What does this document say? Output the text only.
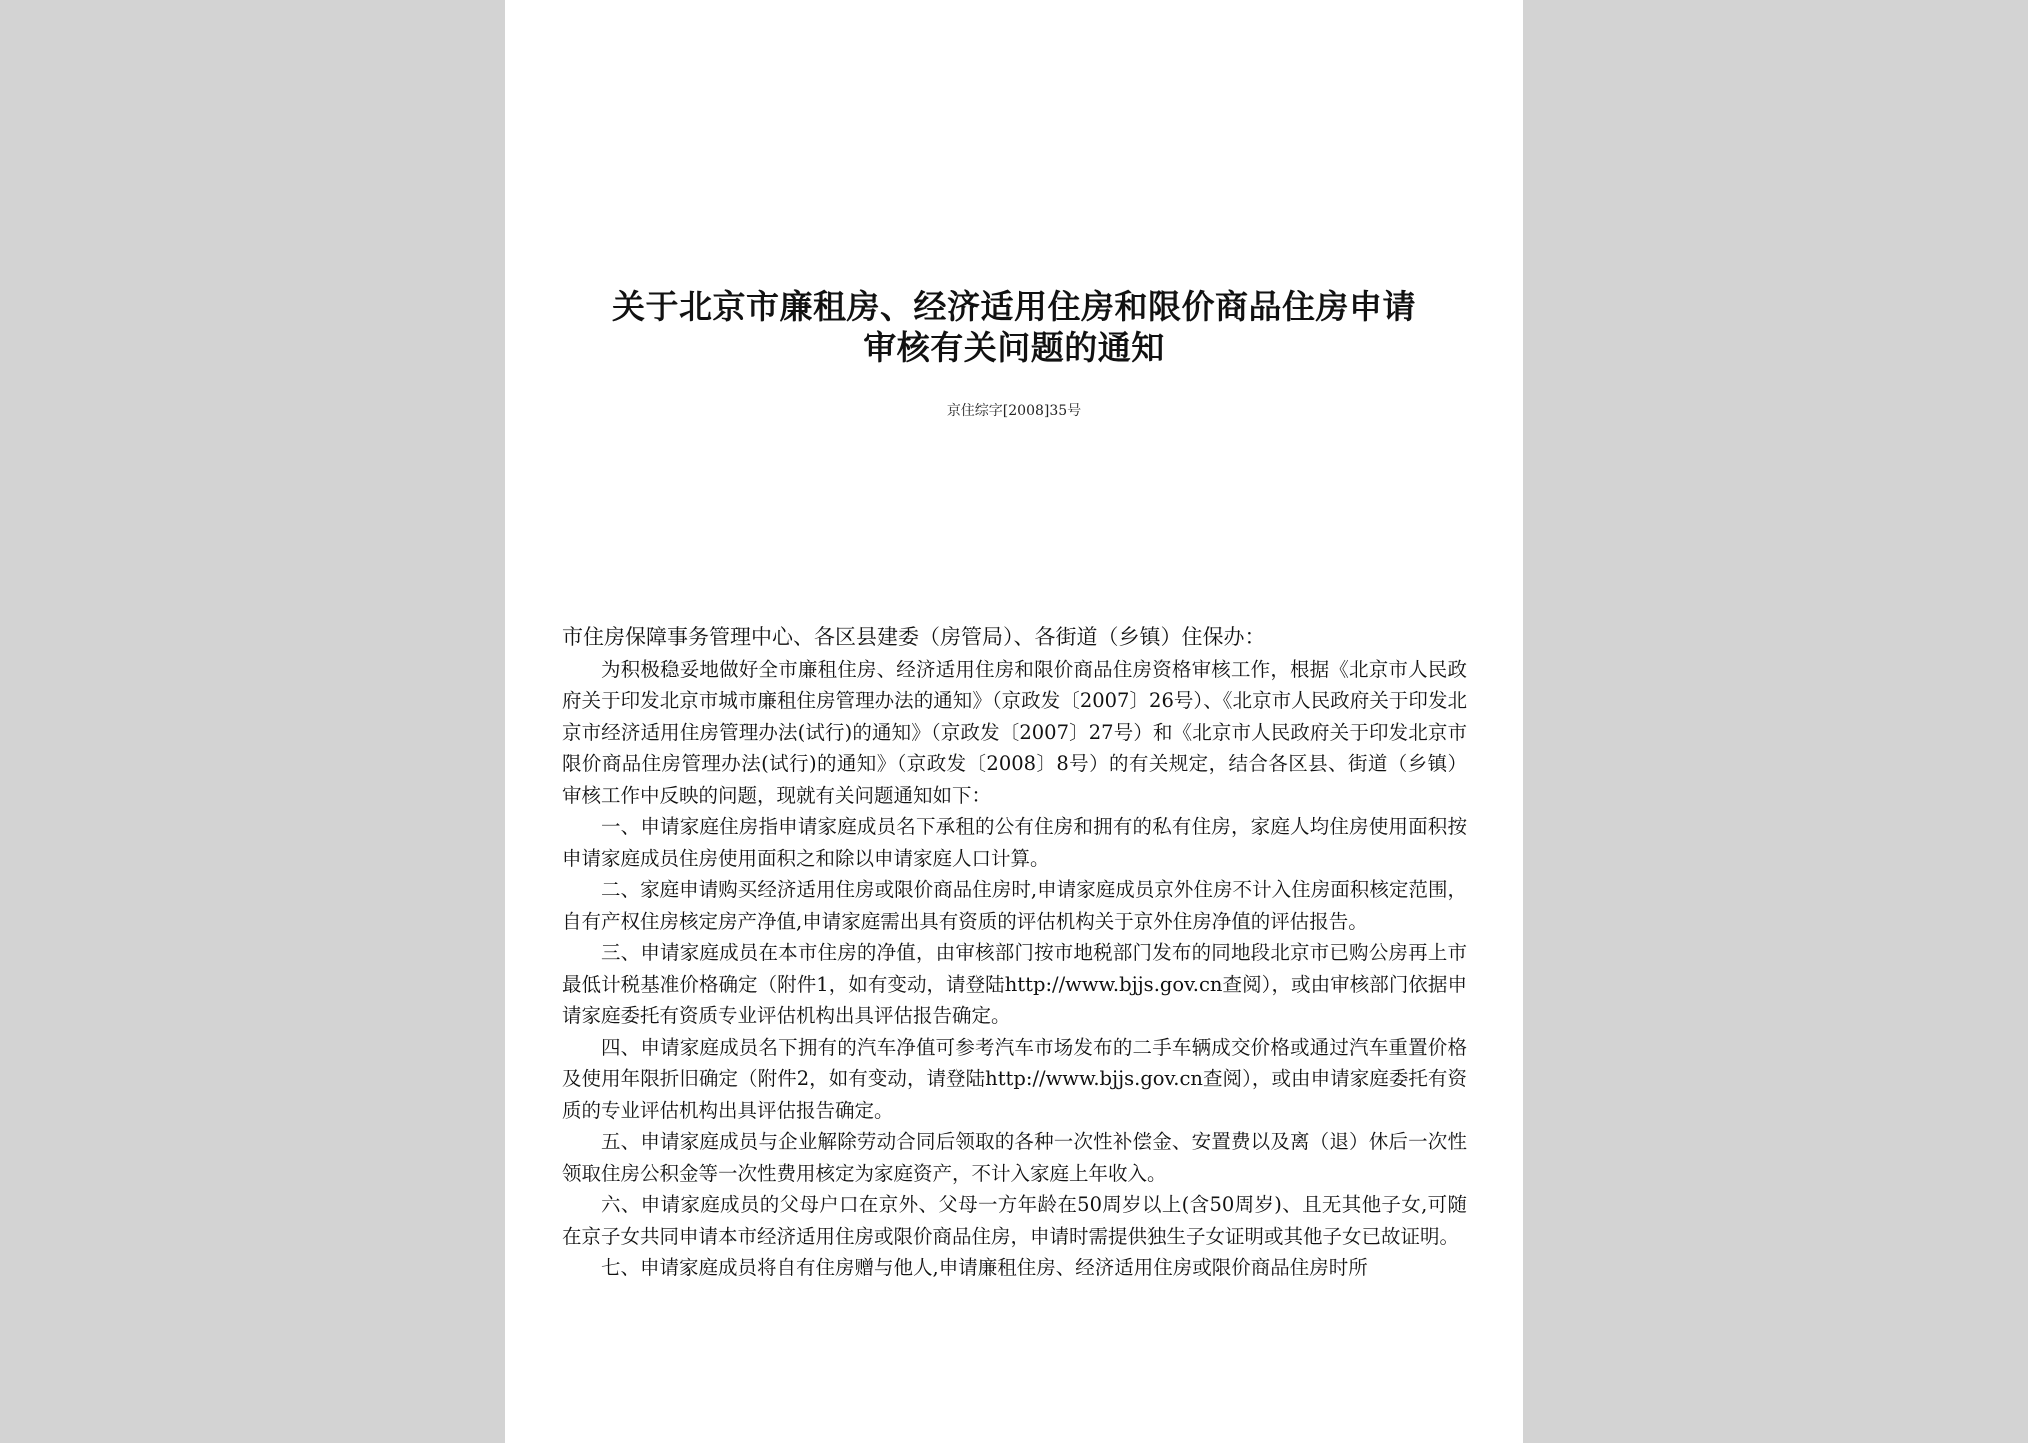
关于北京市廉租房、经济适用住房和限价商品住房申请
审核有关问题的通知
京住综字[2008]35号

市住房保障事务管理中心、各区县建委（房管局）、各街道（乡镇）住保办：

为积极稳妥地做好全市廉租住房、经济适用住房和限价商品住房资格审核工作，根据《北京市人民政府关于印发北京市城市廉租住房管理办法的通知》（京政发〔2007〕26号）、《北京市人民政府关于印发北京市经济适用住房管理办法(试行)的通知》（京政发〔2007〕27号）和《北京市人民政府关于印发北京市限价商品住房管理办法(试行)的通知》（京政发〔2008〕8号）的有关规定，结合各区县、街道（乡镇）审核工作中反映的问题，现就有关问题通知如下：

一、申请家庭住房指申请家庭成员名下承租的公有住房和拥有的私有住房，家庭人均住房使用面积按申请家庭成员住房使用面积之和除以申请家庭人口计算。

二、家庭申请购买经济适用住房或限价商品住房时,申请家庭成员京外住房不计入住房面积核定范围，自有产权住房核定房产净值,申请家庭需出具有资质的评估机构关于京外住房净值的评估报告。

三、申请家庭成员在本市住房的净值，由审核部门按市地税部门发布的同地段北京市已购公房再上市最低计税基准价格确定（附件1，如有变动，请登陆http://www.bjjs.gov.cn查阅），或由审核部门依据申请家庭委托有资质专业评估机构出具评估报告确定。

四、申请家庭成员名下拥有的汽车净值可参考汽车市场发布的二手车辆成交价格或通过汽车重置价格及使用年限折旧确定（附件2，如有变动，请登陆http://www.bjjs.gov.cn查阅），或由申请家庭委托有资质的专业评估机构出具评估报告确定。

五、申请家庭成员与企业解除劳动合同后领取的各种一次性补偿金、安置费以及离（退）休后一次性领取住房公积金等一次性费用核定为家庭资产，不计入家庭上年收入。

六、申请家庭成员的父母户口在京外、父母一方年龄在50周岁以上(含50周岁)、且无其他子女,可随在京子女共同申请本市经济适用住房或限价商品住房，申请时需提供独生子女证明或其他子女已故证明。

七、申请家庭成员将自有住房赠与他人,申请廉租住房、经济适用住房或限价商品住房时所
